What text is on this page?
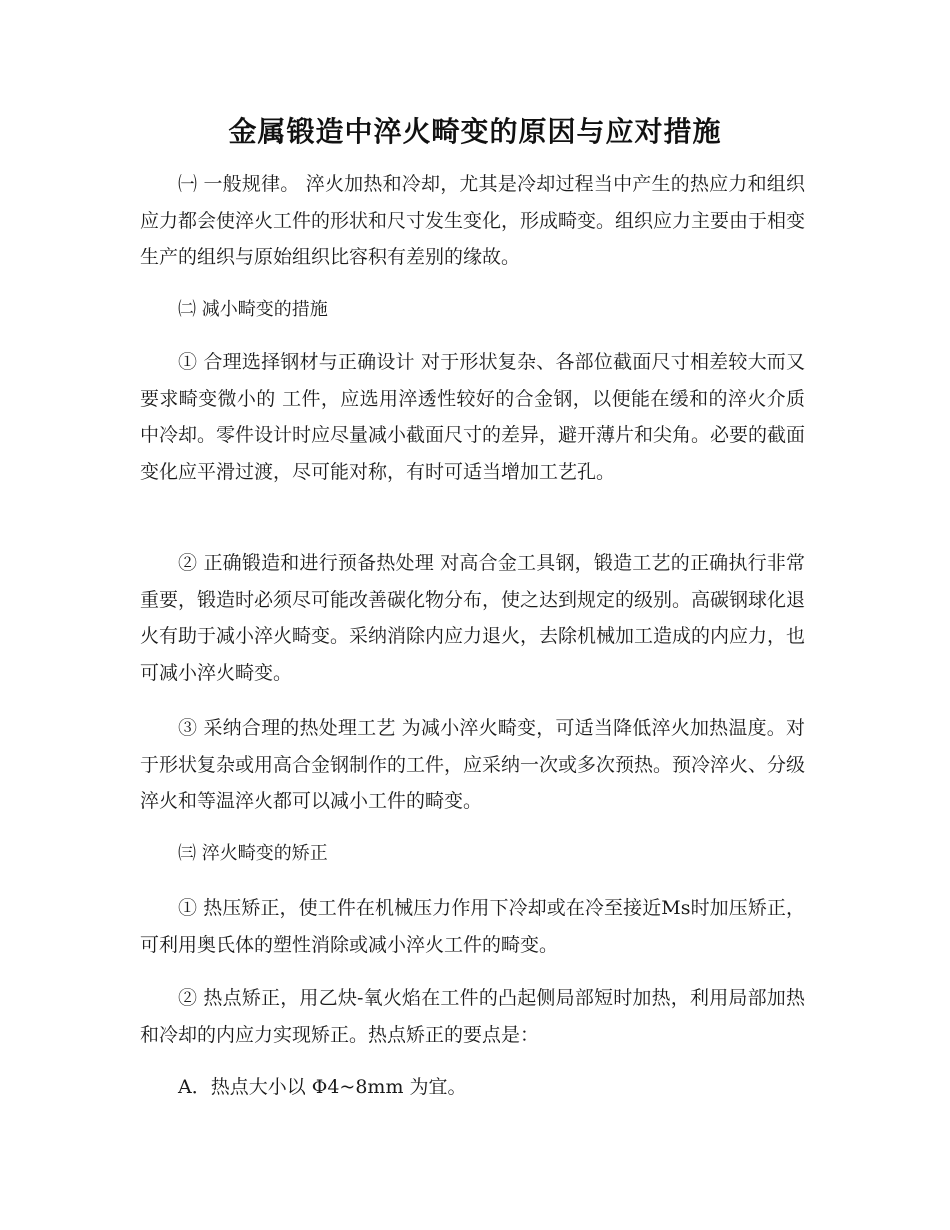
金属锻造中淬火畸变的原因与应对措施

㈠ 一般规律。 淬火加热和冷却，尤其是冷却过程当中产生的热应力和组织应力都会使淬火工件的形状和尺寸发生变化，形成畸变。组织应力主要由于相变生产的组织与原始组织比容积有差别的缘故。

㈡ 减小畸变的措施

① 合理选择钢材与正确设计 对于形状复杂、各部位截面尺寸相差较大而又要求畸变微小的 工件，应选用淬透性较好的合金钢，以便能在缓和的淬火介质中冷却。零件设计时应尽量减小截面尺寸的差异，避开薄片和尖角。必要的截面变化应平滑过渡，尽可能对称，有时可适当增加工艺孔。

② 正确锻造和进行预备热处理 对高合金工具钢，锻造工艺的正确执行非常重要，锻造时必须尽可能改善碳化物分布，使之达到规定的级别。高碳钢球化退火有助于减小淬火畸变。采纳消除内应力退火，去除机械加工造成的内应力，也可减小淬火畸变。

③ 采纳合理的热处理工艺 为减小淬火畸变，可适当降低淬火加热温度。对于形状复杂或用高合金钢制作的工件，应采纳一次或多次预热。预冷淬火、分级淬火和等温淬火都可以减小工件的畸变。

㈢ 淬火畸变的矫正

① 热压矫正，使工件在机械压力作用下冷却或在冷至接近Ms时加压矫正，可利用奥氏体的塑性消除或减小淬火工件的畸变。

② 热点矫正，用乙炔-氧火焰在工件的凸起侧局部短时加热，利用局部加热和冷却的内应力实现矫正。热点矫正的要点是：

A．热点大小以 Φ4~8mm 为宜。
